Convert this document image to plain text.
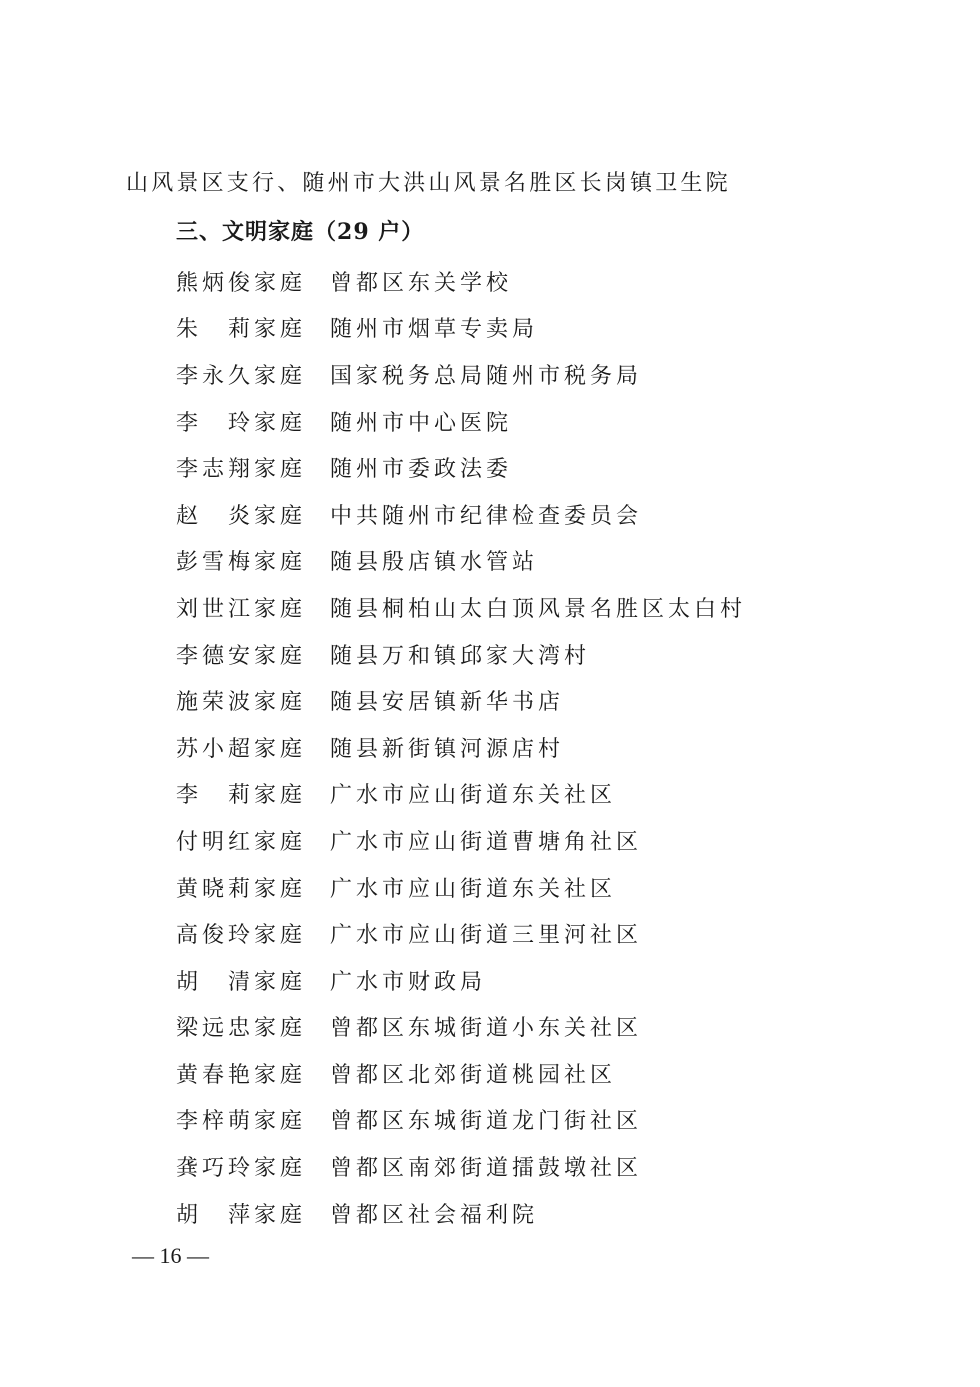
山风景区支行、随州市大洪山风景名胜区长岗镇卫生院
三、文明家庭（29 户）
熊炳俊家庭	曾都区东关学校
朱　莉家庭	随州市烟草专卖局
李永久家庭	国家税务总局随州市税务局
李　玲家庭	随州市中心医院
李志翔家庭	随州市委政法委
赵　炎家庭	中共随州市纪律检查委员会
彭雪梅家庭	随县殷店镇水管站
刘世江家庭	随县桐柏山太白顶风景名胜区太白村
李德安家庭	随县万和镇邱家大湾村
施荣波家庭	随县安居镇新华书店
苏小超家庭	随县新街镇河源店村
李　莉家庭	广水市应山街道东关社区
付明红家庭	广水市应山街道曹塘角社区
黄晓莉家庭	广水市应山街道东关社区
高俊玲家庭	广水市应山街道三里河社区
胡　清家庭	广水市财政局
梁远忠家庭	曾都区东城街道小东关社区
黄春艳家庭	曾都区北郊街道桃园社区
李梓萌家庭	曾都区东城街道龙门街社区
龚巧玲家庭	曾都区南郊街道擂鼓墩社区
胡　萍家庭	曾都区社会福利院
— 16 —
